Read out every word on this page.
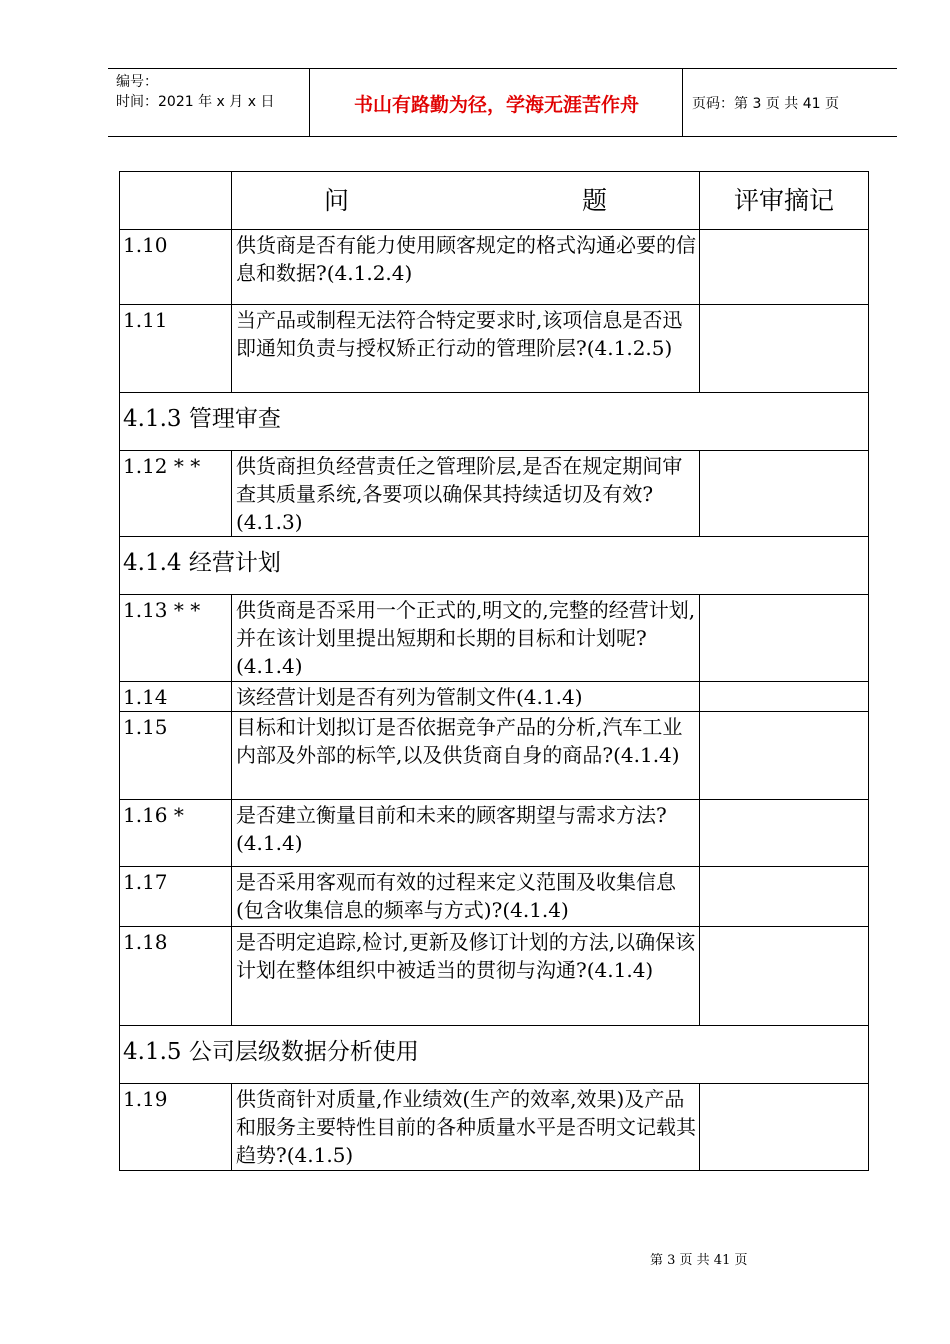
编号：
时间：2021 年 x 月 x 日	书山有路勤为径，学海无涯苦作舟	页码：第 3 页 共 41 页

	问 题	评审摘记
1.10	供货商是否有能力使用顾客规定的格式沟通必要的信息和数据?(4.1.2.4)	
1.11	当产品或制程无法符合特定要求时,该项信息是否迅即通知负责与授权矫正行动的管理阶层?(4.1.2.5)	
4.1.3 管理审查		
1.12 * *	供货商担负经营责任之管理阶层,是否在规定期间审查其质量系统,各要项以确保其持续适切及有效?(4.1.3)	
4.1.4 经营计划		
1.13 * *	供货商是否采用一个正式的,明文的,完整的经营计划,并在该计划里提出短期和长期的目标和计划呢?(4.1.4)	
1.14	该经营计划是否有列为管制文件(4.1.4)	
1.15	目标和计划拟订是否依据竞争产品的分析,汽车工业内部及外部的标竿,以及供货商自身的商品?(4.1.4)	
1.16 *	是否建立衡量目前和未来的顾客期望与需求方法?(4.1.4)	
1.17	是否采用客观而有效的过程来定义范围及收集信息(包含收集信息的频率与方式)?(4.1.4)	
1.18	是否明定追踪,检讨,更新及修订计划的方法,以确保该计划在整体组织中被适当的贯彻与沟通?(4.1.4)	
4.1.5 公司层级数据分析使用		
1.19	供货商针对质量,作业绩效(生产的效率,效果)及产品和服务主要特性目前的各种质量水平是否明文记载其趋势?(4.1.5)	
第 3 页 共 41 页
